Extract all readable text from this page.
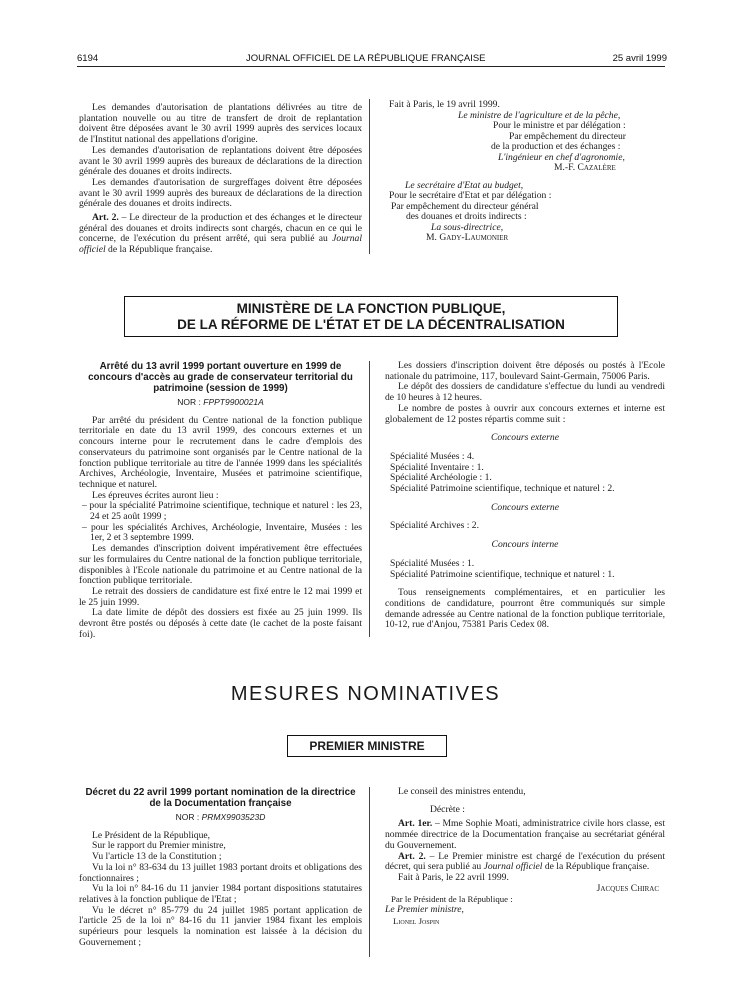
6194	JOURNAL OFFICIEL DE LA RÉPUBLIQUE FRANÇAISE	25 avril 1999

Les demandes d'autorisation de plantations délivrées au titre de plantation nouvelle ou au titre de transfert de droit de replantation doivent être déposées avant le 30 avril 1999 auprès des services locaux de l'Institut national des appellations d'origine.

Les demandes d'autorisation de replantations doivent être déposées avant le 30 avril 1999 auprès des bureaux de déclarations de la direction générale des douanes et droits indirects.

Les demandes d'autorisation de surgreffages doivent être déposées avant le 30 avril 1999 auprès des bureaux de déclarations de la direction générale des douanes et droits indirects.

Art. 2. – Le directeur de la production et des échanges et le directeur général des douanes et droits indirects sont chargés, chacun en ce qui le concerne, de l'exécution du présent arrêté, qui sera publié au Journal officiel de la République française.

Fait à Paris, le 19 avril 1999.

Le ministre de l'agriculture et de la pêche,

Pour le ministre et par délégation :

Par empêchement du directeur

de la production et des échanges :

L'ingénieur en chef d'agronomie,

M.-F. Cazalère

Le secrétaire d'Etat au budget,

Pour le secrétaire d'Etat et par délégation :

Par empêchement du directeur général

des douanes et droits indirects :

La sous-directrice,

M. Gady-Laumonier

MINISTÈRE DE LA FONCTION PUBLIQUE,
DE LA RÉFORME DE L'ÉTAT ET DE LA DÉCENTRALISATION

Arrêté du 13 avril 1999 portant ouverture en 1999 de concours d'accès au grade de conservateur territorial du patrimoine (session de 1999)

NOR : FPPT9900021A

Par arrêté du président du Centre national de la fonction publique territoriale en date du 13 avril 1999, des concours externes et un concours interne pour le recrutement dans le cadre d'emplois des conservateurs du patrimoine sont organisés par le Centre national de la fonction publique territoriale au titre de l'année 1999 dans les spécialités Archives, Archéologie, Inventaire, Musées et patrimoine scientifique, technique et naturel.

Les épreuves écrites auront lieu :

– pour la spécialité Patrimoine scientifique, technique et naturel : les 23, 24 et 25 août 1999 ;

– pour les spécialités Archives, Archéologie, Inventaire, Musées : les 1er, 2 et 3 septembre 1999.

Les demandes d'inscription doivent impérativement être effectuées sur les formulaires du Centre national de la fonction publique territoriale, disponibles à l'Ecole nationale du patrimoine et au Centre national de la fonction publique territoriale.

Le retrait des dossiers de candidature est fixé entre le 12 mai 1999 et le 25 juin 1999.

La date limite de dépôt des dossiers est fixée au 25 juin 1999. Ils devront être postés ou déposés à cette date (le cachet de la poste faisant foi).

Les dossiers d'inscription doivent être déposés ou postés à l'Ecole nationale du patrimoine, 117, boulevard Saint-Germain, 75006 Paris.

Le dépôt des dossiers de candidature s'effectue du lundi au vendredi de 10 heures à 12 heures.

Le nombre de postes à ouvrir aux concours externes et interne est globalement de 12 postes répartis comme suit :

Concours externe

Spécialité Musées : 4.

Spécialité Inventaire : 1.

Spécialité Archéologie : 1.

Spécialité Patrimoine scientifique, technique et naturel : 2.

Concours externe

Spécialité Archives : 2.

Concours interne

Spécialité Musées : 1.

Spécialité Patrimoine scientifique, technique et naturel : 1.

Tous renseignements complémentaires, et en particulier les conditions de candidature, pourront être communiqués sur simple demande adressée au Centre national de la fonction publique territoriale, 10-12, rue d'Anjou, 75381 Paris Cedex 08.

MESURES NOMINATIVES
PREMIER MINISTRE

Décret du 22 avril 1999 portant nomination de la directrice de la Documentation française

NOR : PRMX9903523D

Le Président de la République,

Sur le rapport du Premier ministre,

Vu l'article 13 de la Constitution ;

Vu la loi n° 83-634 du 13 juillet 1983 portant droits et obligations des fonctionnaires ;

Vu la loi n° 84-16 du 11 janvier 1984 portant dispositions statutaires relatives à la fonction publique de l'Etat ;

Vu le décret n° 85-779 du 24 juillet 1985 portant application de l'article 25 de la loi n° 84-16 du 11 janvier 1984 fixant les emplois supérieurs pour lesquels la nomination est laissée à la décision du Gouvernement ;

Le conseil des ministres entendu,

Décrète :

Art. 1er. – Mme Sophie Moati, administratrice civile hors classe, est nommée directrice de la Documentation française au secrétariat général du Gouvernement.

Art. 2. – Le Premier ministre est chargé de l'exécution du présent décret, qui sera publié au Journal officiel de la République française.

Fait à Paris, le 22 avril 1999.

Jacques Chirac

Par le Président de la République :

Le Premier ministre,

Lionel Jospin
